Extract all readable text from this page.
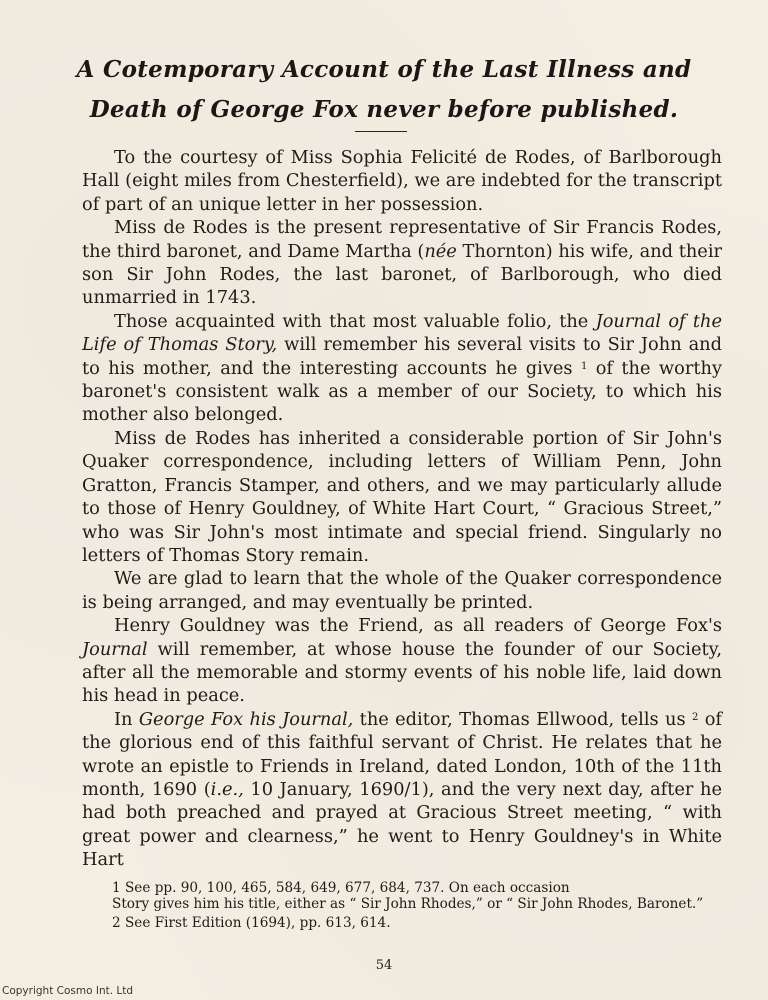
A Cotemporary Account of the Last Illness and
Death of George Fox never before published.

To the courtesy of Miss Sophia Felicité de Rodes, of Barlborough Hall (eight miles from Chesterfield), we are indebted for the transcript of part of an unique letter in her possession.

Miss de Rodes is the present representative of Sir Francis Rodes, the third baronet, and Dame Martha (née Thornton) his wife, and their son Sir John Rodes, the last baronet, of Barlborough, who died unmarried in 1743.

Those acquainted with that most valuable folio, the Journal of the Life of Thomas Story, will remember his several visits to Sir John and to his mother, and the interesting accounts he gives $^1$ of the worthy baronet's consistent walk as a member of our Society, to which his mother also belonged.

Miss de Rodes has inherited a considerable portion of Sir John's Quaker correspondence, including letters of William Penn, John Gratton, Francis Stamper, and others, and we may particularly allude to those of Henry Gouldney, of White Hart Court, “ Gracious Street,” who was Sir John's most intimate and special friend. Singularly no letters of Thomas Story remain.

We are glad to learn that the whole of the Quaker correspondence is being arranged, and may eventually be printed.

Henry Gouldney was the Friend, as all readers of George Fox's Journal will remember, at whose house the founder of our Society, after all the memorable and stormy events of his noble life, laid down his head in peace.

In George Fox his Journal, the editor, Thomas Ellwood, tells us $^2$ of the glorious end of this faithful servant of Christ. He relates that he wrote an epistle to Friends in Ireland, dated London, 10th of the 11th month, 1690 (i.e., 10 January, 1690/1), and the very next day, after he had both preached and prayed at Gracious Street meeting, “ with great power and clearness,” he went to Henry Gouldney's in White Hart

1 See pp. 90, 100, 465, 584, 649, 677, 684, 737. On each occasion

Story gives him his title, either as “ Sir John Rhodes,” or “ Sir John Rhodes, Baronet.”

2 See First Edition (1694), pp. 613, 614.

54
Copyright Cosmo Int. Ltd
